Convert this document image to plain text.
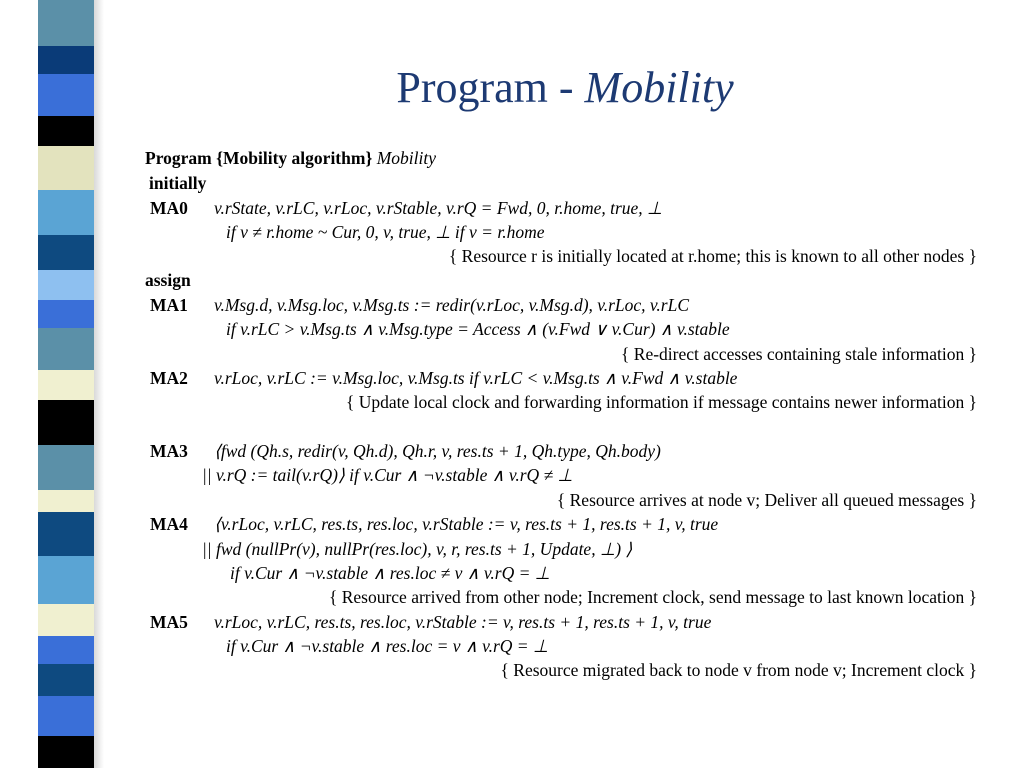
Program - Mobility
Program {Mobility algorithm} Mobility
initially
MA0 v.rState, v.rLC, v.rLoc, v.rStable, v.rQ = Fwd, 0, r.home, true, ⊥
if v ≠ r.home ~ Cur, 0, v, true, ⊥ if v = r.home
{ Resource r is initially located at r.home; this is known to all other nodes }
assign
MA1 v.Msg.d, v.Msg.loc, v.Msg.ts := redir(v.rLoc, v.Msg.d), v.rLoc, v.rLC
if v.rLC > v.Msg.ts ∧ v.Msg.type = Access ∧ (v.Fwd ∨ v.Cur) ∧ v.stable
{ Re-direct accesses containing stale information }
MA2 v.rLoc, v.rLC := v.Msg.loc, v.Msg.ts if v.rLC < v.Msg.ts ∧ v.Fwd ∧ v.stable
{ Update local clock and forwarding information if message contains newer information }
MA3 ⟨fwd (Qh.s, redir(v, Qh.d), Qh.r, v, res.ts + 1, Qh.type, Qh.body)
|| v.rQ := tail(v.rQ)⟩ if v.Cur ∧ ¬v.stable ∧ v.rQ ≠ ⊥
{ Resource arrives at node v; Deliver all queued messages }
MA4 ⟨v.rLoc, v.rLC, res.ts, res.loc, v.rStable := v, res.ts + 1, res.ts + 1, v, true
|| fwd (nullPr(v), nullPr(res.loc), v, r, res.ts + 1, Update, ⊥) ⟩
if v.Cur ∧ ¬v.stable ∧ res.loc ≠ v ∧ v.rQ = ⊥
{ Resource arrived from other node; Increment clock, send message to last known location }
MA5 v.rLoc, v.rLC, res.ts, res.loc, v.rStable := v, res.ts + 1, res.ts + 1, v, true
if v.Cur ∧ ¬v.stable ∧ res.loc = v ∧ v.rQ = ⊥
{ Resource migrated back to node v from node v; Increment clock }
